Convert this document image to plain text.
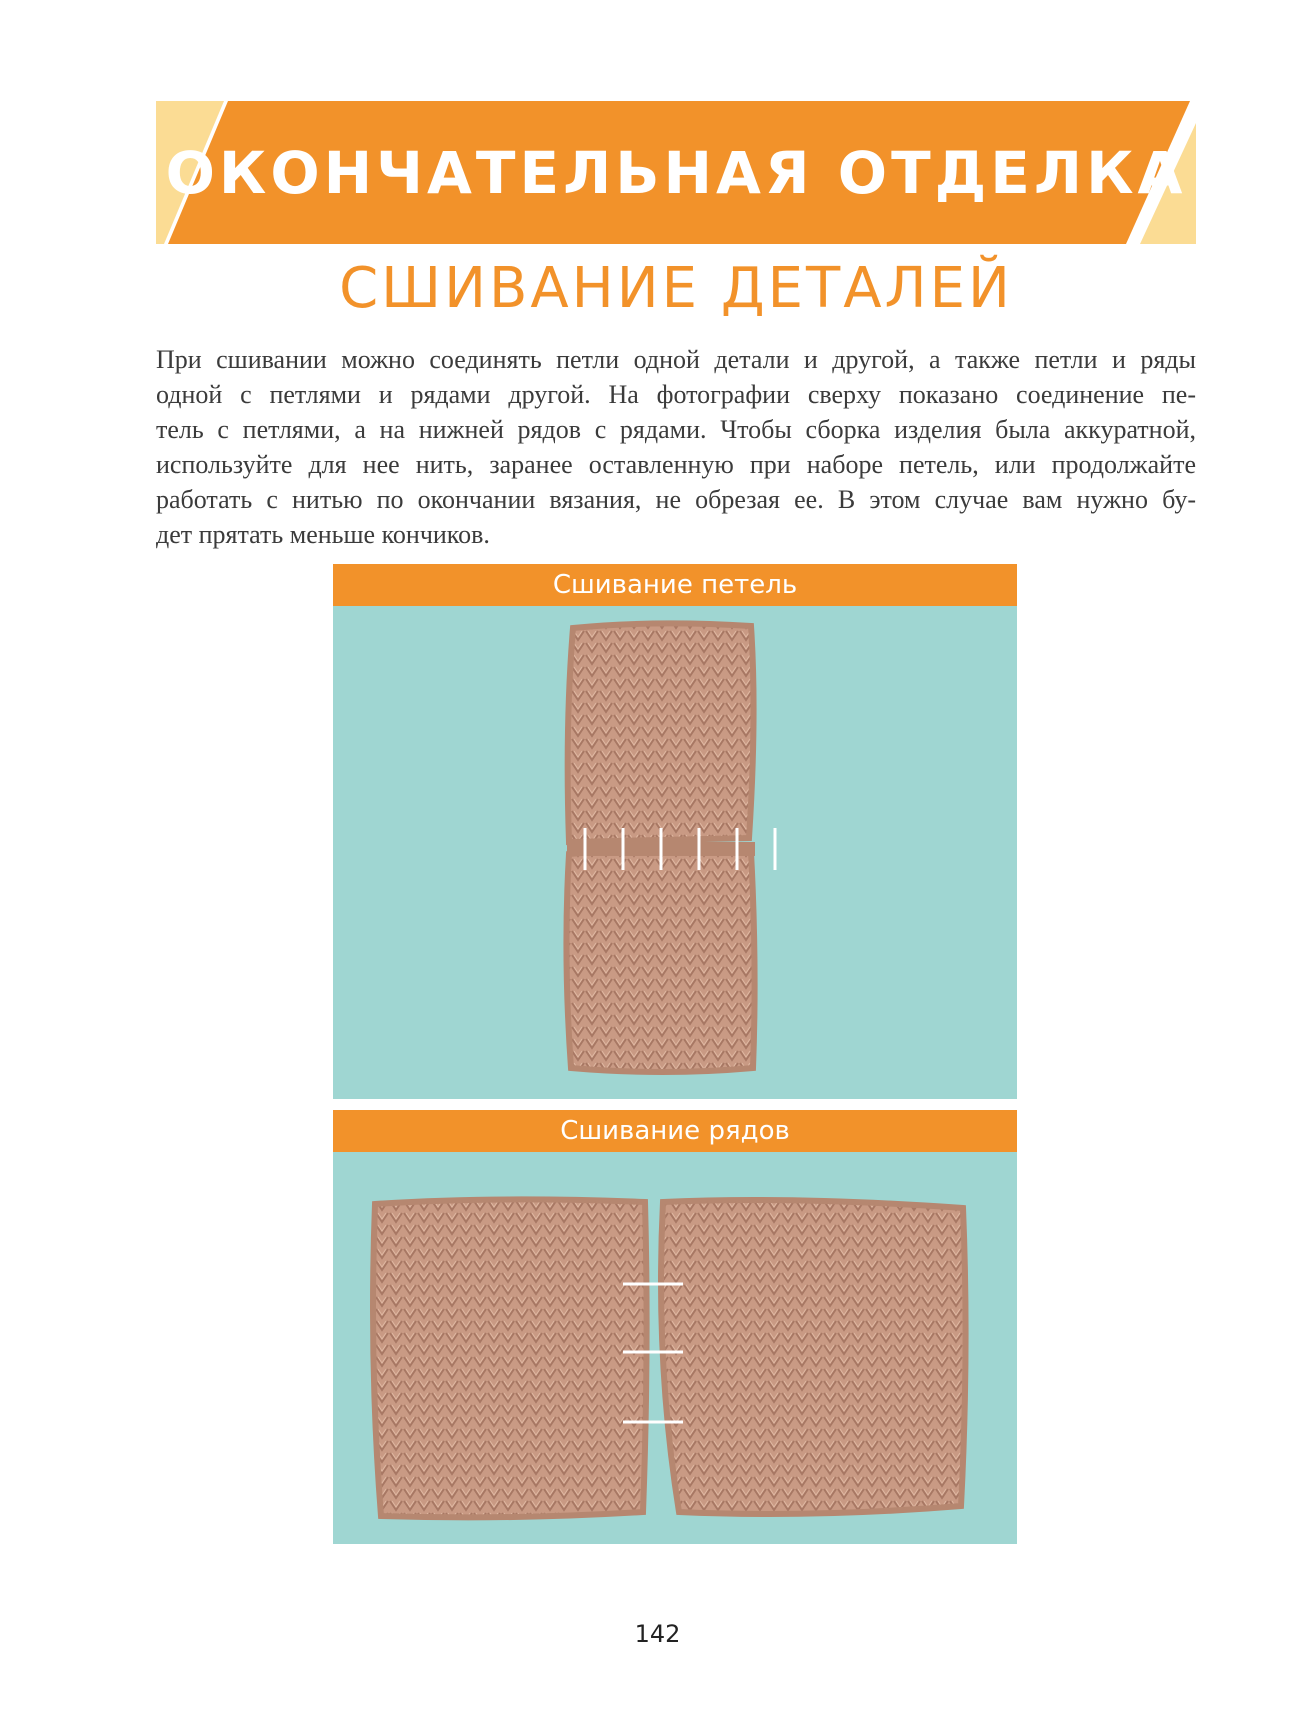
ОКОНЧАТЕЛЬНАЯ ОТДЕЛКА
СШИВАНИЕ ДЕТАЛЕЙ
При сшивании можно соединять петли одной детали и другой, а также петли и ряды
одной с петлями и рядами другой. На фотографии сверху показано соединение пе-
тель с петлями, а на нижней рядов с рядами. Чтобы сборка изделия была аккуратной,
используйте для нее нить, заранее оставленную при наборе петель, или продолжайте
работать с нитью по окончании вязания, не обрезая ее. В этом случае вам нужно бу-
дет прятать меньше кончиков.
Сшивание петель
Сшивание рядов
142
